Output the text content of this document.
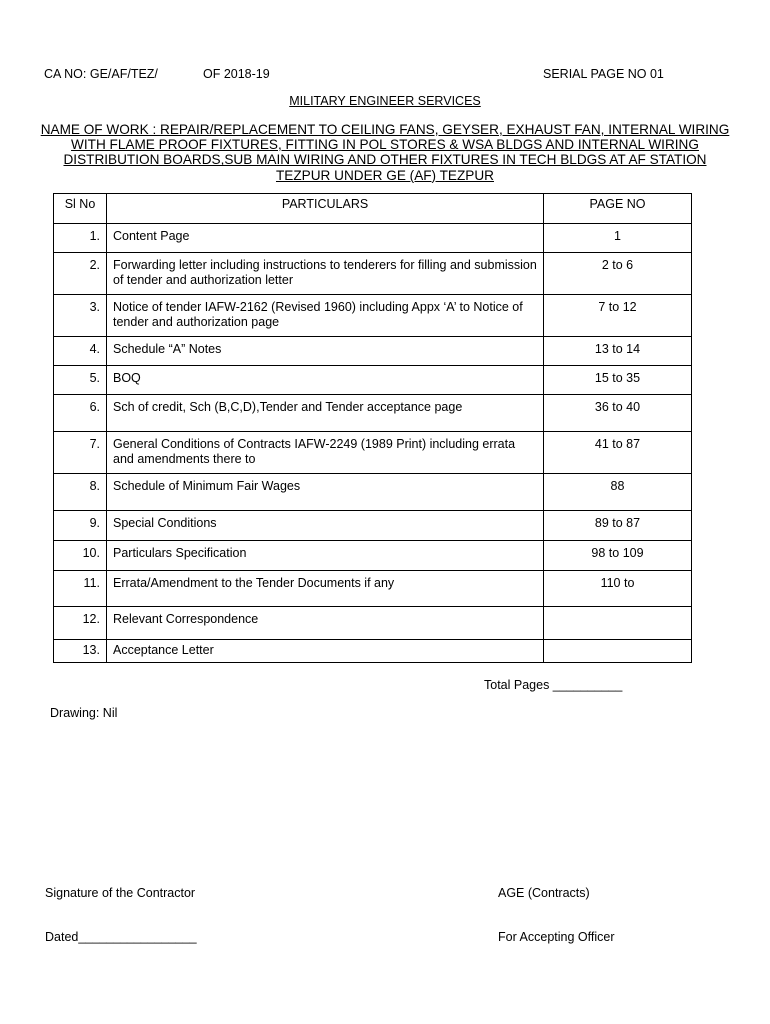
CA NO: GE/AF/TEZ/	OF 2018-19	SERIAL PAGE NO 01
MILITARY ENGINEER SERVICES
NAME OF WORK : REPAIR/REPLACEMENT TO CEILING FANS, GEYSER, EXHAUST FAN, INTERNAL WIRING WITH FLAME PROOF FIXTURES, FITTING IN POL STORES & WSA BLDGS AND INTERNAL WIRING DISTRIBUTION BOARDS,SUB MAIN WIRING AND OTHER FIXTURES IN TECH BLDGS AT AF STATION TEZPUR UNDER GE (AF) TEZPUR
Sl No	PARTICULARS	PAGE NO
1.	Content Page	1
2.	Forwarding letter including instructions to tenderers for filling and submission of tender and authorization letter	2 to 6
3.	Notice of tender IAFW-2162 (Revised 1960) including Appx ‘A’ to Notice of tender and authorization page	7 to 12
4.	Schedule “A” Notes	13 to 14
5.	BOQ	15 to 35
6.	Sch of credit, Sch (B,C,D),Tender and Tender acceptance page	36 to 40
7.	General Conditions of Contracts IAFW-2249 (1989 Print) including errata and amendments there to	41 to 87
8.	Schedule of Minimum Fair Wages	88
9.	Special Conditions	89 to 87
10.	Particulars Specification	98 to 109
11.	Errata/Amendment to the Tender Documents if any	110 to
12.	Relevant Correspondence	
13.	Acceptance Letter	
Total Pages __________
Drawing: Nil

Signature of the Contractor

Dated_________________

AGE (Contracts)

For Accepting Officer
